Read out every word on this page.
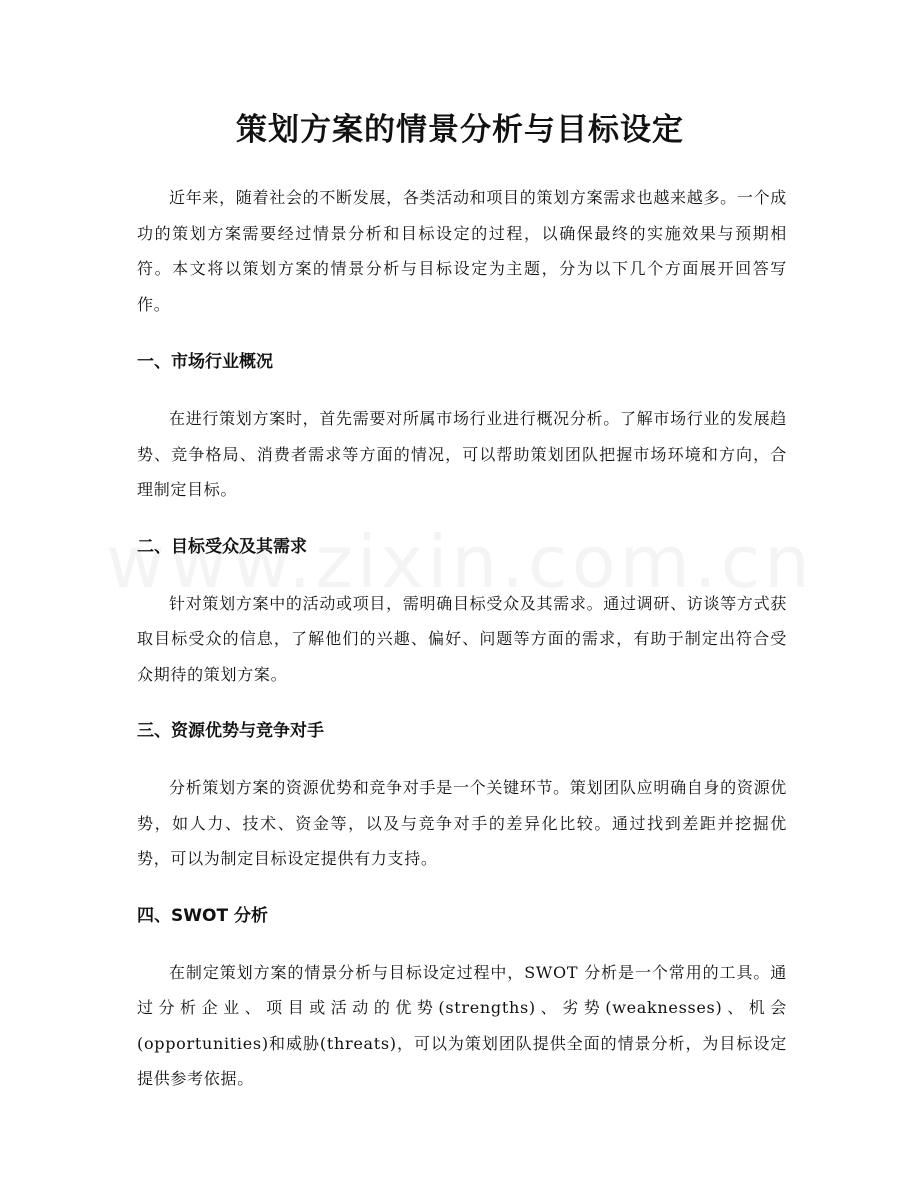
策划方案的情景分析与目标设定

近年来，随着社会的不断发展，各类活动和项目的策划方案需求也越来越多。一个成功的策划方案需要经过情景分析和目标设定的过程，以确保最终的实施效果与预期相符。本文将以策划方案的情景分析与目标设定为主题，分为以下几个方面展开回答写作。

一、市场行业概况

在进行策划方案时，首先需要对所属市场行业进行概况分析。了解市场行业的发展趋势、竞争格局、消费者需求等方面的情况，可以帮助策划团队把握市场环境和方向，合理制定目标。

二、目标受众及其需求

针对策划方案中的活动或项目，需明确目标受众及其需求。通过调研、访谈等方式获取目标受众的信息，了解他们的兴趣、偏好、问题等方面的需求，有助于制定出符合受众期待的策划方案。

三、资源优势与竞争对手

分析策划方案的资源优势和竞争对手是一个关键环节。策划团队应明确自身的资源优势，如人力、技术、资金等，以及与竞争对手的差异化比较。通过找到差距并挖掘优势，可以为制定目标设定提供有力支持。

四、SWOT 分析

在制定策划方案的情景分析与目标设定过程中，SWOT 分析是一个常用的工具。通过分析企业、项目或活动的优势(strengths)、劣势(weaknesses)、机会(opportunities)和威胁(threats)，可以为策划团队提供全面的情景分析，为目标设定提供参考依据。
